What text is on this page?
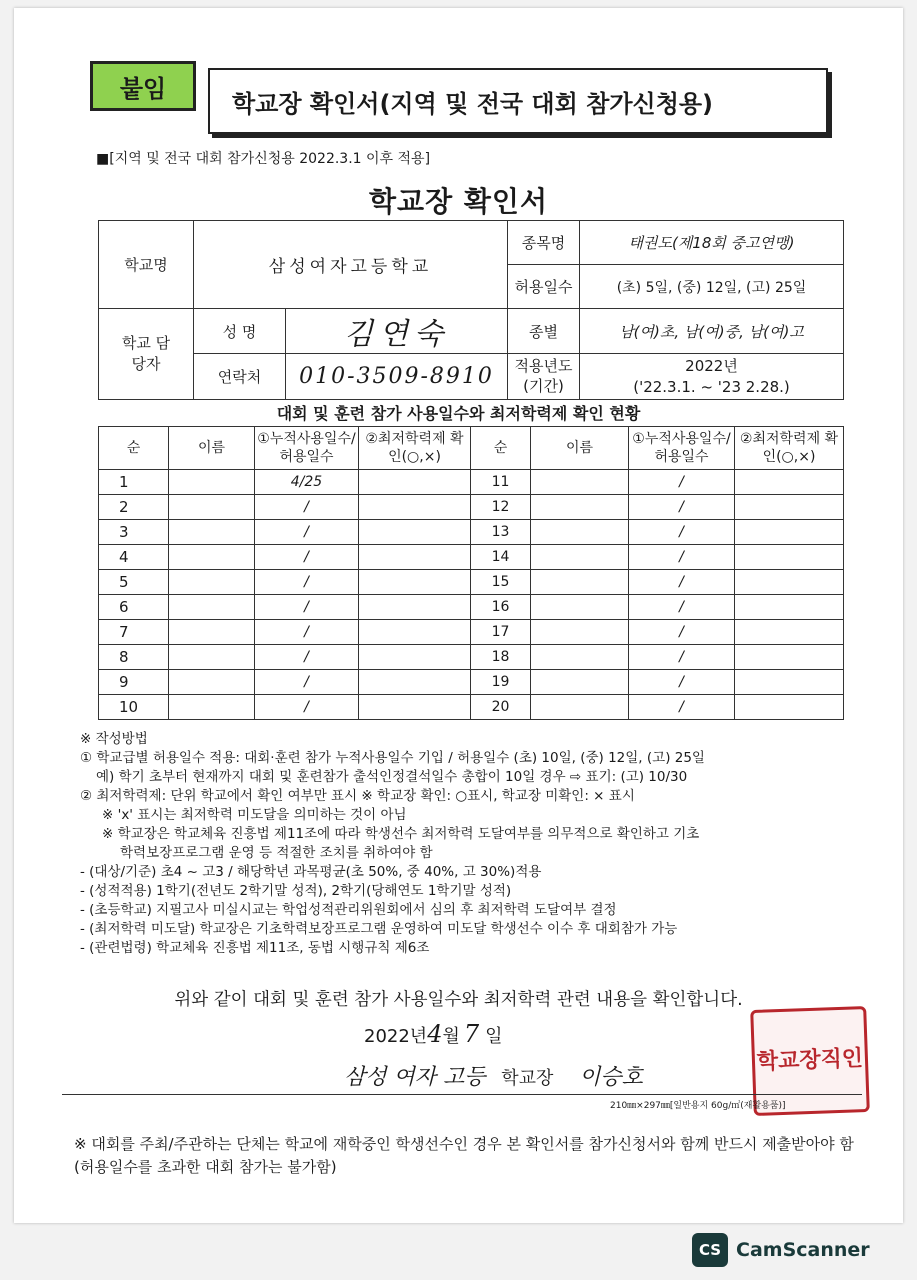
붙임
학교장 확인서(지역 및 전국 대회 참가신청용)
■[지역 및 전국 대회 참가신청용 2022.3.1 이후 적용]
학교장 확인서
학교명	삼성여자고등학교		종목명	태권도(제18회 중고연맹)
			허용일수	(초) 5일, (중) 12일, (고) 25일
학교 담당자	성 명	김연숙	종별	남(여)초, 남(여)중, 남(여)고
	연락처	010-3509-8910	적용년도 (기간)	2022년
('22.3.1. ~ '23 2.28.)
대회 및 훈련 참가 사용일수와 최저학력제 확인 현황
순	이름	①누적사용일수/허용일수	②최저학력제 확인(○,×)	순	이름	①누적사용일수/허용일수	②최저학력제 확인(○,×)
1		4/25		11		/	
2		/		12		/	
3		/		13		/	
4		/		14		/	
5		/		15		/	
6		/		16		/	
7		/		17		/	
8		/		18		/	
9		/		19		/	
10		/		20		/	
※ 작성방법
① 학교급별 허용일수 적용: 대회·훈련 참가 누적사용일수 기입 / 허용일수 (초) 10일, (중) 12일, (고) 25일
예) 학기 초부터 현재까지 대회 및 훈련참가 출석인정결석일수 총합이 10일 경우 ⇨ 표기: (고) 10/30
② 최저학력제: 단위 학교에서 확인 여부만 표시 ※ 학교장 확인: ○표시, 학교장 미확인: × 표시
※ 'x' 표시는 최저학력 미도달을 의미하는 것이 아님
※ 학교장은 학교체육 진흥법 제11조에 따라 학생선수 최저학력 도달여부를 의무적으로 확인하고 기초
학력보장프로그램 운영 등 적절한 조치를 취하여야 함
- (대상/기준) 초4 ~ 고3 / 해당학년 과목평균(초 50%, 중 40%, 고 30%)적용
- (성적적용) 1학기(전년도 2학기말 성적), 2학기(당해연도 1학기말 성적)
- (초등학교) 지필고사 미실시교는 학업성적관리위원회에서 심의 후 최저학력 도달여부 결정
- (최저학력 미도달) 학교장은 기초학력보장프로그램 운영하여 미도달 학생선수 이수 후 대회참가 가능
- (관련법령) 학교체육 진흥법 제11조, 동법 시행규칙 제6조
위와 같이 대회 및 훈련 참가 사용일수와 최저학력 관련 내용을 확인합니다.
2022년4월 7 일
삼성 여자 고등 학교장 이승호
학교장직인
210㎜×297㎜[일반용지 60g/㎡(재활용품)]
※ 대회를 주최/주관하는 단체는 학교에 재학중인 학생선수인 경우 본 확인서를 참가신청서와 함께 반드시 제출받아야 함(허용일수를 초과한 대회 참가는 불가함)
CS CamScanner
